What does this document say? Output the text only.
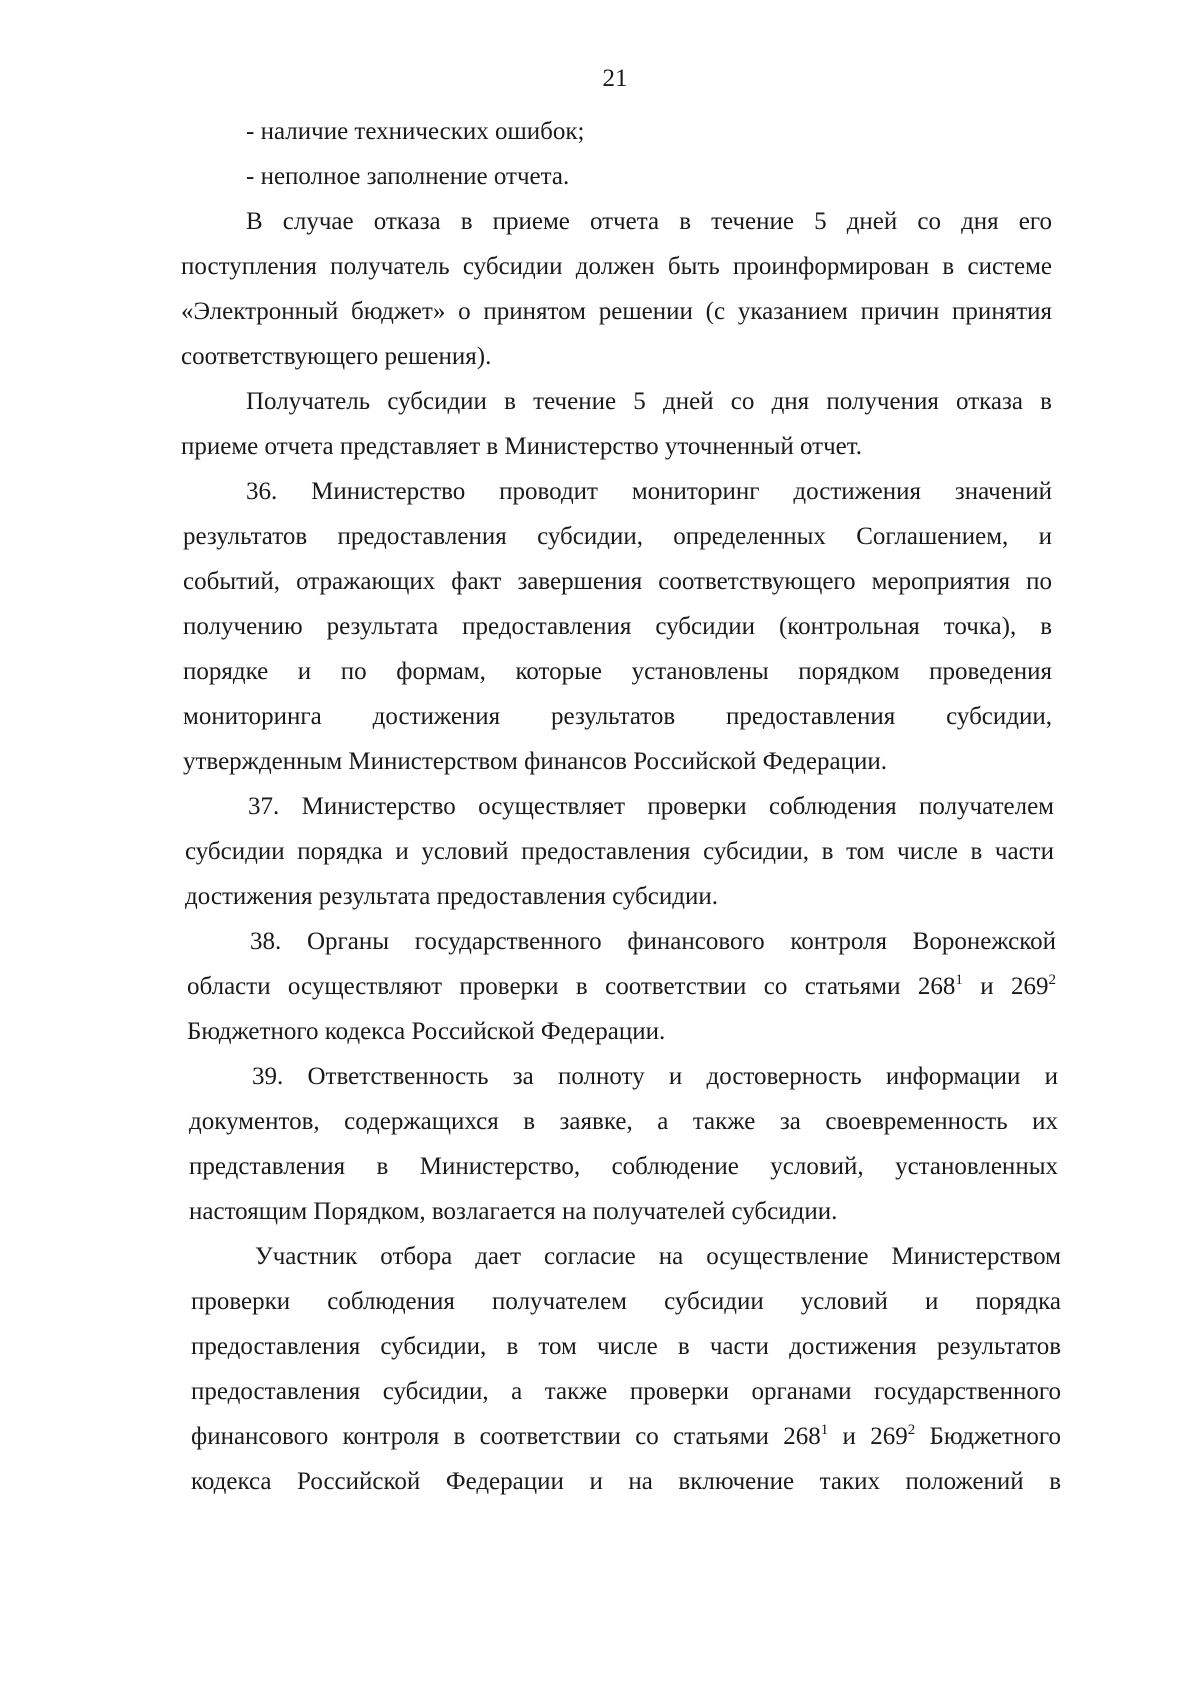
21
- наличие технических ошибок;
- неполное заполнение отчета.
В случае отказа в приеме отчета в течение 5 дней со дня его
поступления получатель субсидии должен быть проинформирован в системе
«Электронный бюджет» о принятом решении (с указанием причин принятия
соответствующего решения).
Получатель субсидии в течение 5 дней со дня получения отказа в
приеме отчета представляет в Министерство уточненный отчет.
36. Министерство проводит мониторинг достижения значений
результатов предоставления субсидии, определенных Соглашением, и
событий, отражающих факт завершения соответствующего мероприятия по
получению результата предоставления субсидии (контрольная точка), в
порядке и по формам, которые установлены порядком проведения
мониторинга достижения результатов предоставления субсидии,
утвержденным Министерством финансов Российской Федерации.
37. Министерство осуществляет проверки соблюдения получателем
субсидии порядка и условий предоставления субсидии, в том числе в части
достижения результата предоставления субсидии.
38. Органы государственного финансового контроля Воронежской
области осуществляют проверки в соответствии со статьями $268^1$ и $269^2$
Бюджетного кодекса Российской Федерации.
39. Ответственность за полноту и достоверность информации и
документов, содержащихся в заявке, а также за своевременность их
представления в Министерство, соблюдение условий, установленных
настоящим Порядком, возлагается на получателей субсидии.
Участник отбора дает согласие на осуществление Министерством
проверки соблюдения получателем субсидии условий и порядка
предоставления субсидии, в том числе в части достижения результатов
предоставления субсидии, а также проверки органами государственного
финансового контроля в соответствии со статьями $268^1$ и $269^2$ Бюджетного
кодекса Российской Федерации и на включение таких положений в
